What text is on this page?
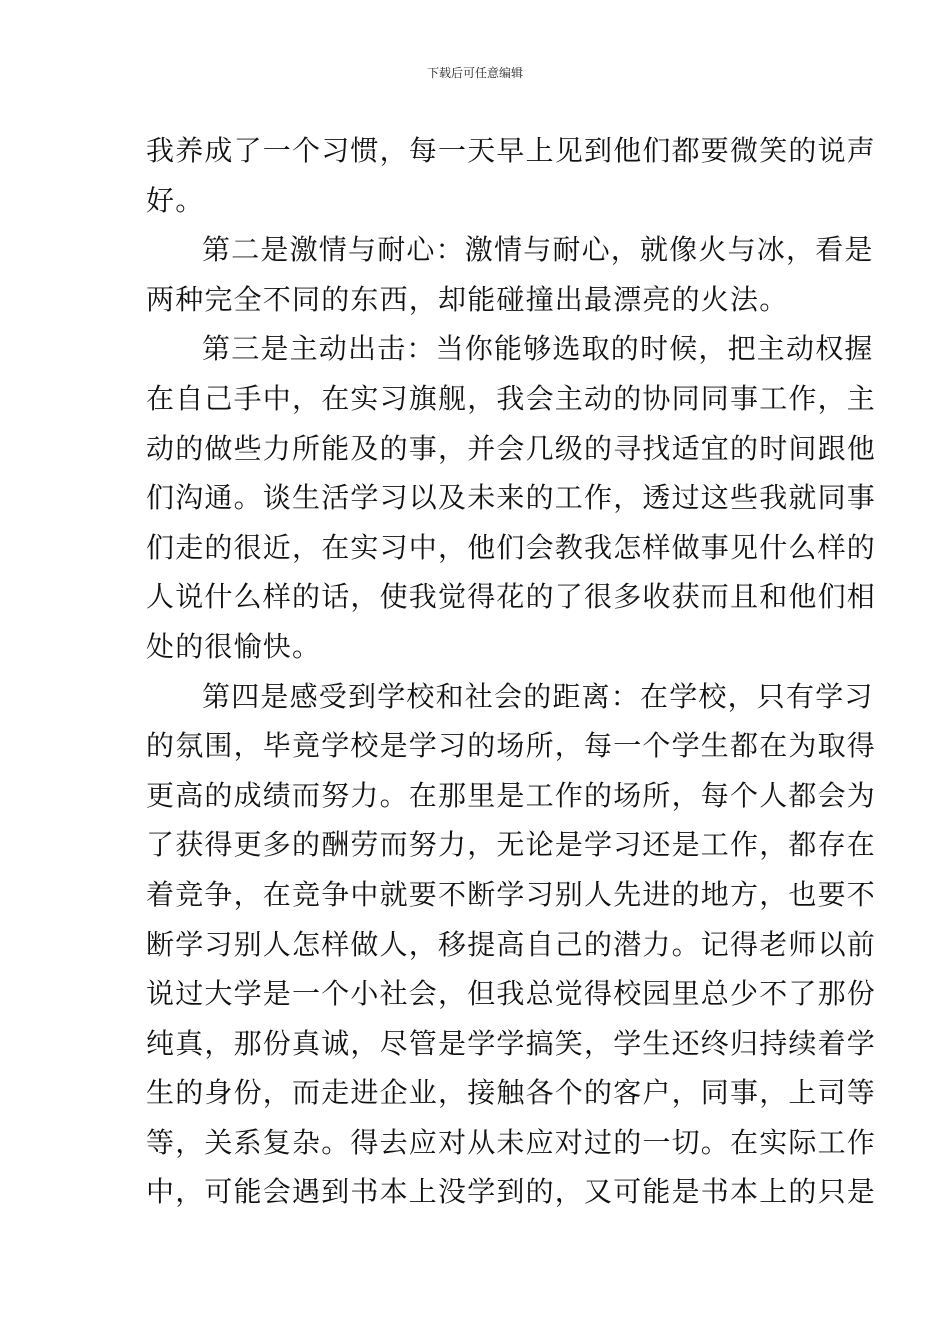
下载后可任意编辑
我养成了一个习惯，每一天早上见到他们都要微笑的说声
好。
第二是激情与耐心：激情与耐心，就像火与冰，看是
两种完全不同的东西，却能碰撞出最漂亮的火法。
第三是主动出击：当你能够选取的时候，把主动权握
在自己手中，在实习旗舰，我会主动的协同同事工作，主
动的做些力所能及的事，并会几级的寻找适宜的时间跟他
们沟通。谈生活学习以及未来的工作，透过这些我就同事
们走的很近，在实习中，他们会教我怎样做事见什么样的
人说什么样的话，使我觉得花的了很多收获而且和他们相
处的很愉快。
第四是感受到学校和社会的距离：在学校，只有学习
的氛围，毕竟学校是学习的场所，每一个学生都在为取得
更高的成绩而努力。在那里是工作的场所，每个人都会为
了获得更多的酬劳而努力，无论是学习还是工作，都存在
着竞争，在竞争中就要不断学习别人先进的地方，也要不
断学习别人怎样做人，移提高自己的潜力。记得老师以前
说过大学是一个小社会，但我总觉得校园里总少不了那份
纯真，那份真诚，尽管是学学搞笑，学生还终归持续着学
生的身份，而走进企业，接触各个的客户，同事，上司等
等，关系复杂。得去应对从未应对过的一切。在实际工作
中，可能会遇到书本上没学到的，又可能是书本上的只是
